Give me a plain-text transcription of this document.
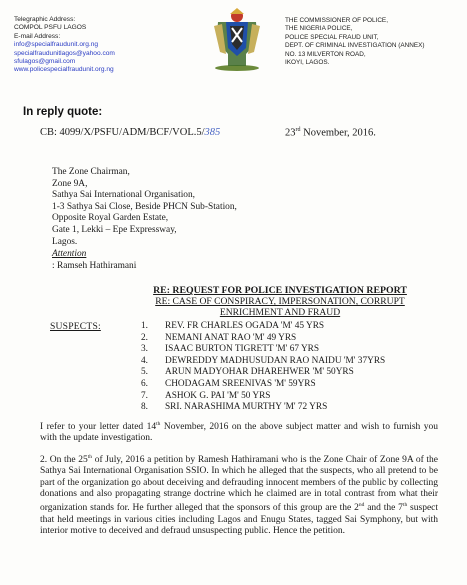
Telegraphic Address:
COMPOL PSFU LAGOS
E-mail Address:
info@specialfraudunit.org.ng
specialfraudunitlagos@yahoo.com
sfulagos@gmail.com
www.policespecialfraudunit.org.ng
THE COMMISSIONER OF POLICE,
THE NIGERIA POLICE,
POLICE SPECIAL FRAUD UNIT,
DEPT. OF CRIMINAL INVESTIGATION (ANNEX)
NO. 13 MILVERTON ROAD,
IKOYI, LAGOS.
In reply quote:
CB: 4099/X/PSFU/ADM/BCF/VOL.5/385	23rd November, 2016.
The Zone Chairman,
Zone 9A,
Sathya Sai International Organisation,
1-3 Sathya Sai Close, Beside PHCN Sub-Station,
Opposite Royal Garden Estate,
Gate 1, Lekki – Epe Expressway,
Lagos.
Attention
: Ramseh Hathiramani
RE: REQUEST FOR POLICE INVESTIGATION REPORT
RE: CASE OF CONSPIRACY, IMPERSONATION, CORRUPT
ENRICHMENT AND FRAUD
SUSPECTS:	1.	REV. FR CHARLES OGADA 'M' 45 YRS
2.	NEMANI ANAT RAO 'M' 49 YRS
3.	ISAAC BURTON TIGRETT 'M' 67 YRS
4.	DEWREDDY MADHUSUDAN RAO NAIDU 'M' 37YRS
5.	ARUN MADYOHAR DHAREHWER 'M' 50YRS
6.	CHODAGAM SREENIVAS 'M' 59YRS
7.	ASHOK G. PAI 'M' 50 YRS
8.	SRI. NARASHIMA MURTHY 'M' 72 YRS
I refer to your letter dated 14th November, 2016 on the above subject matter and wish to furnish you with the update investigation.
2. On the 25th of July, 2016 a petition by Ramesh Hathiramani who is the Zone Chair of Zone 9A of the Sathya Sai International Organisation SSIO. In which he alleged that the suspects, who all pretend to be part of the organization go about deceiving and defrauding innocent members of the public by collecting donations and also propagating strange doctrine which he claimed are in total contrast from what their organization stands for. He further alleged that the sponsors of this group are the 2nd and the 7th suspect that held meetings in various cities including Lagos and Enugu States, tagged Sai Symphony, but with interior motive to deceived and defraud unsuspecting public. Hence the petition.
